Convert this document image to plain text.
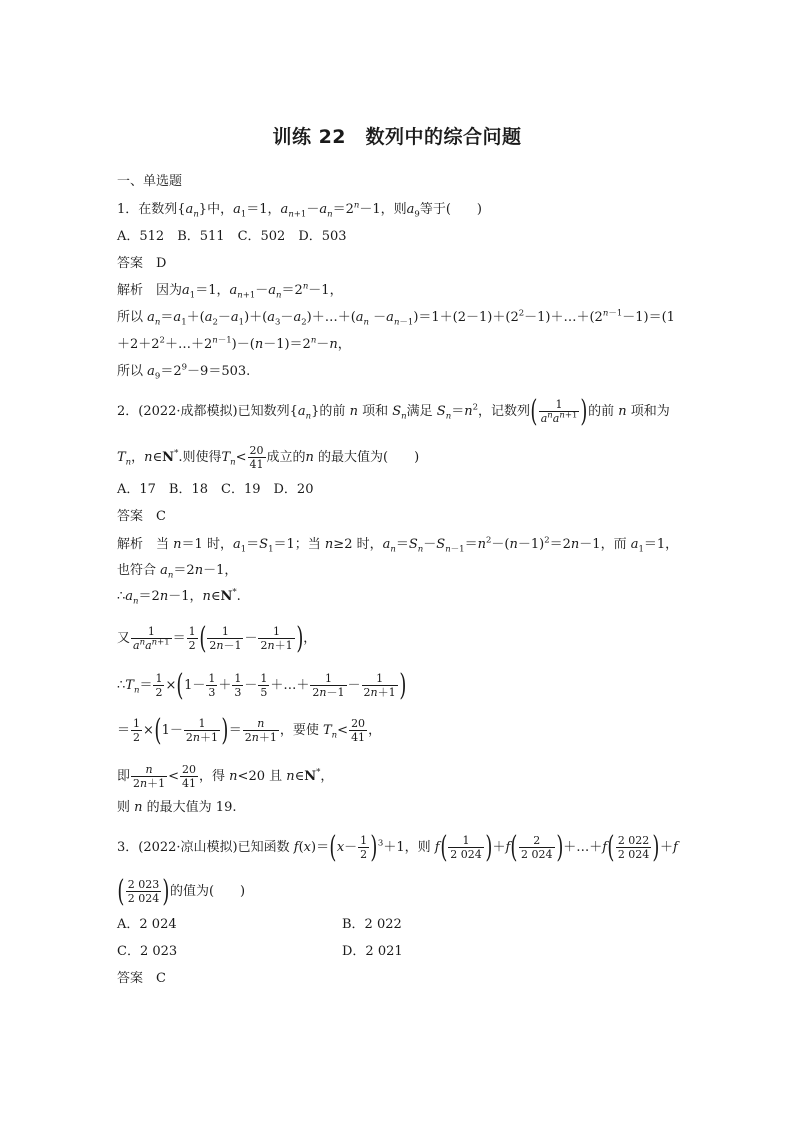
训练 22　数列中的综合问题
一、单选题
1．在数列$\{a_n\}$中，$a_1=1$，$a_{n+1}-a_n=2^n-1$，则$a_9$等于(　　)
A．512　B．511　C．502　D．503
答案　D
解析　因为$a_1=1$，$a_{n+1}-a_n=2^n-1$，
所以 $a_n=a_1+(a_2-a_1)+(a_3-a_2)+\dots+(a_n$ $-a_{n-1})=1+(2-1)+(2^2-1)+\dots+(2^{n-1}-1)=(1$
$+2+2^2+\dots+2^{n-1})-(n-1)=2^n-n$，
所以 $a_9=2^9-9=503$.
2．(2022·成都模拟)已知数列$\{a_n\}$的前 n 项和 $S_n$满足 $S_n=n^2$，记数列( $\frac{1}{a^na^{n+1}}$ )的前 n 项和为
$T_n$，n∈N*.则使得$T_n< \frac{20}{41}$ 成立的n 的最大值为(　　)
A．17　B．18　C．19　D．20
答案　C
解析　当 n＝1 时，$a_1=S_1=1$；当 n≥2 时，$a_n=S_n-S_{n-1}=n^2-(n-1)^2=2n-1$，而 $a_1=1$，
也符合 $a_n=2n-1$，
$\therefore a_n=2n-1$，n∈N*.
又 $\frac{1}{a^na^{n+1}} = \frac{1}{2}$ ( $\frac{1}{2n-1} - \frac{1}{2n+1}$ )，
$\therefore T_n= \frac{1}{2} \times(1- \frac{1}{3} + \frac{1}{3} - \frac{1}{5}$ ＋…＋ $\frac{1}{2n-1} - \frac{1}{2n+1}$ )
＝ $\frac{1}{2} \times(1- \frac{1}{2n+1}$ )＝ $\frac{n}{2n+1}$ ，要使 $T_n< \frac{20}{41}$ ，
即 $\frac{n}{2n+1} < \frac{20}{41}$ ，得 n<20 且 n∈N*，
则 n 的最大值为 19.
3．(2022·凉山模拟)已知函数 $f(x)=(x- \frac{1}{2} )^3+1$，则 $f( \frac{1}{2 024} )+f( \frac{2}{2 024}$ )＋…＋f( $\frac{2 022}{2 024} )+f$
( $\frac{2 023}{2 024}$ )的值为(　　)
A．2 024	B．2 022
C．2 023	D．2 021
答案　C
